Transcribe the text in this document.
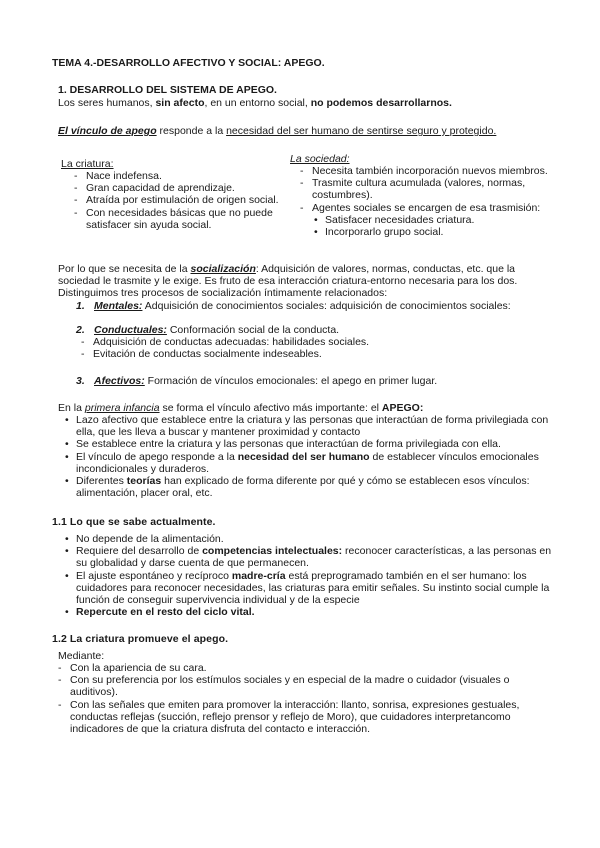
TEMA 4.-DESARROLLO AFECTIVO Y SOCIAL: APEGO.
1. DESARROLLO DEL SISTEMA DE APEGO.
Los seres humanos, sin afecto, en un entorno social, no podemos desarrollarnos.
El vínculo de apego responde a la necesidad del ser humano de sentirse seguro y protegido.
La criatura:
- Nace indefensa.
- Gran capacidad de aprendizaje.
- Atraída por estimulación de origen social.
- Con necesidades básicas que no puede satisfacer sin ayuda social.
La sociedad:
- Necesita también incorporación nuevos miembros.
- Trasmite cultura acumulada (valores, normas, costumbres).
- Agentes sociales se encargen de esa trasmisión:
• Satisfacer necesidades criatura.
• Incorporarlo grupo social.
Por lo que se necesita de la socialización: Adquisición de valores, normas, conductas, etc. que la sociedad le trasmite y le exige. Es fruto de esa interacción criatura-entorno necesaria para los dos. Distinguimos tres procesos de socialización íntimamente relacionados:
1. Mentales: Adquisición de conocimientos sociales: adquisición de conocimientos sociales:
2. Conductuales: Conformación social de la conducta.
- Adquisición de conductas adecuadas: habilidades sociales.
- Evitación de conductas socialmente indeseables.
3. Afectivos: Formación de vínculos emocionales: el apego en primer lugar.
En la primera infancia se forma el vínculo afectivo más importante: el APEGO:
• Lazo afectivo que establece entre la criatura y las personas que interactúan de forma privilegiada con ella, que les lleva a buscar y mantener proximidad y contacto
• Se establece entre la criatura y las personas que interactúan de forma privilegiada con ella.
• El vínculo de apego responde a la necesidad del ser humano de establecer vínculos emocionales incondicionales y duraderos.
• Diferentes teorías han explicado de forma diferente por qué y cómo se establecen esos vínculos: alimentación, placer oral, etc.
1.1 Lo que se sabe actualmente.
• No depende de la alimentación.
• Requiere del desarrollo de competencias intelectuales: reconocer características, a las personas en su globalidad y darse cuenta de que permanecen.
• El ajuste espontáneo y recíproco madre-cría está preprogramado también en el ser humano: los cuidadores para reconocer necesidades, las criaturas para emitir señales. Su instinto social cumple la función de conseguir supervivencia individual y de la especie
• Repercute en el resto del ciclo vital.
1.2 La criatura promueve el apego.
Mediante:
- Con la apariencia de su cara.
- Con su preferencia por los estímulos sociales y en especial de la madre o cuidador (visuales o auditivos).
- Con las señales que emiten para promover la interacción: llanto, sonrisa, expresiones gestuales, conductas reflejas (succión, reflejo prensor y reflejo de Moro), que cuidadores interpretancomo indicadores de que la criatura disfruta del contacto e interacción.
